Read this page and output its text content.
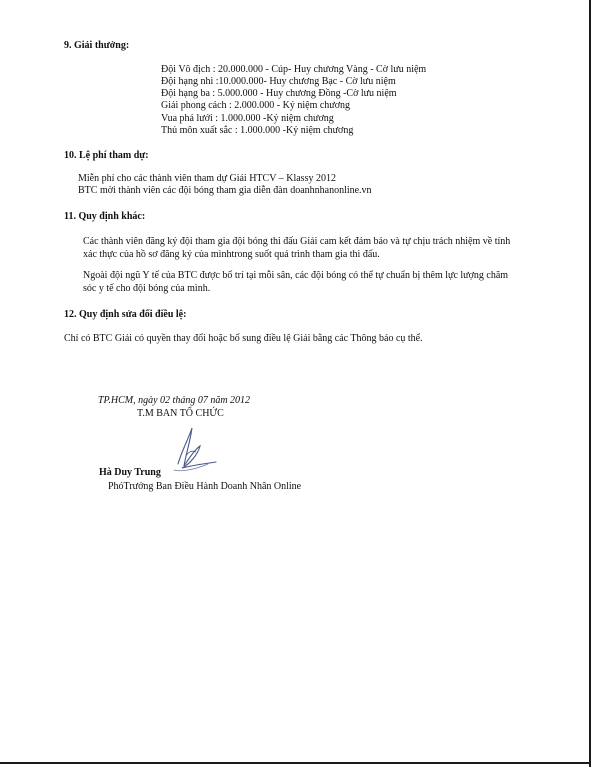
9. Giải thưởng:
Đội Vô địch : 20.000.000 - Cúp- Huy chương Vàng - Cờ lưu niệm
Đội hạng nhì :10.000.000- Huy chương Bạc - Cờ lưu niệm
Đội hạng ba : 5.000.000 - Huy chương Đồng -Cờ lưu niệm
Giải phong cách : 2.000.000 - Kỷ niệm chương
Vua phá lưới : 1.000.000 -Kỷ niệm chương
Thủ môn xuất sắc : 1.000.000 -Kỷ niệm chương
10. Lệ phí tham dự:
Miễn phí cho các thành viên tham dự Giải HTCV – Klassy 2012
BTC mời thành viên các đội bóng tham gia diễn đàn doanhnhanonline.vn
11. Quy định khác:
Các thành viên đăng ký đội tham gia đội bóng thi đấu Giải cam kết đảm bảo và tự chịu trách nhiệm về tính
xác thực của hồ sơ đăng ký của mìnhtrong suốt quá trình tham gia thi đấu.
Ngoài đội ngũ Y tế của BTC được bố trí tại mỗi sân, các đội bóng có thể tự chuẩn bị thêm lực lượng chăm
sóc y tế cho đội bóng của mình.
12. Quy định sửa đổi điều lệ:
Chỉ có BTC Giải có quyền thay đổi hoặc bổ sung điều lệ Giải bằng các Thông báo cụ thể.
TP.HCM, ngày 02 tháng 07 năm 2012
T.M BAN TỔ CHỨC
Hà Duy Trung
PhóTrưởng Ban Điều Hành Doanh Nhân Online
